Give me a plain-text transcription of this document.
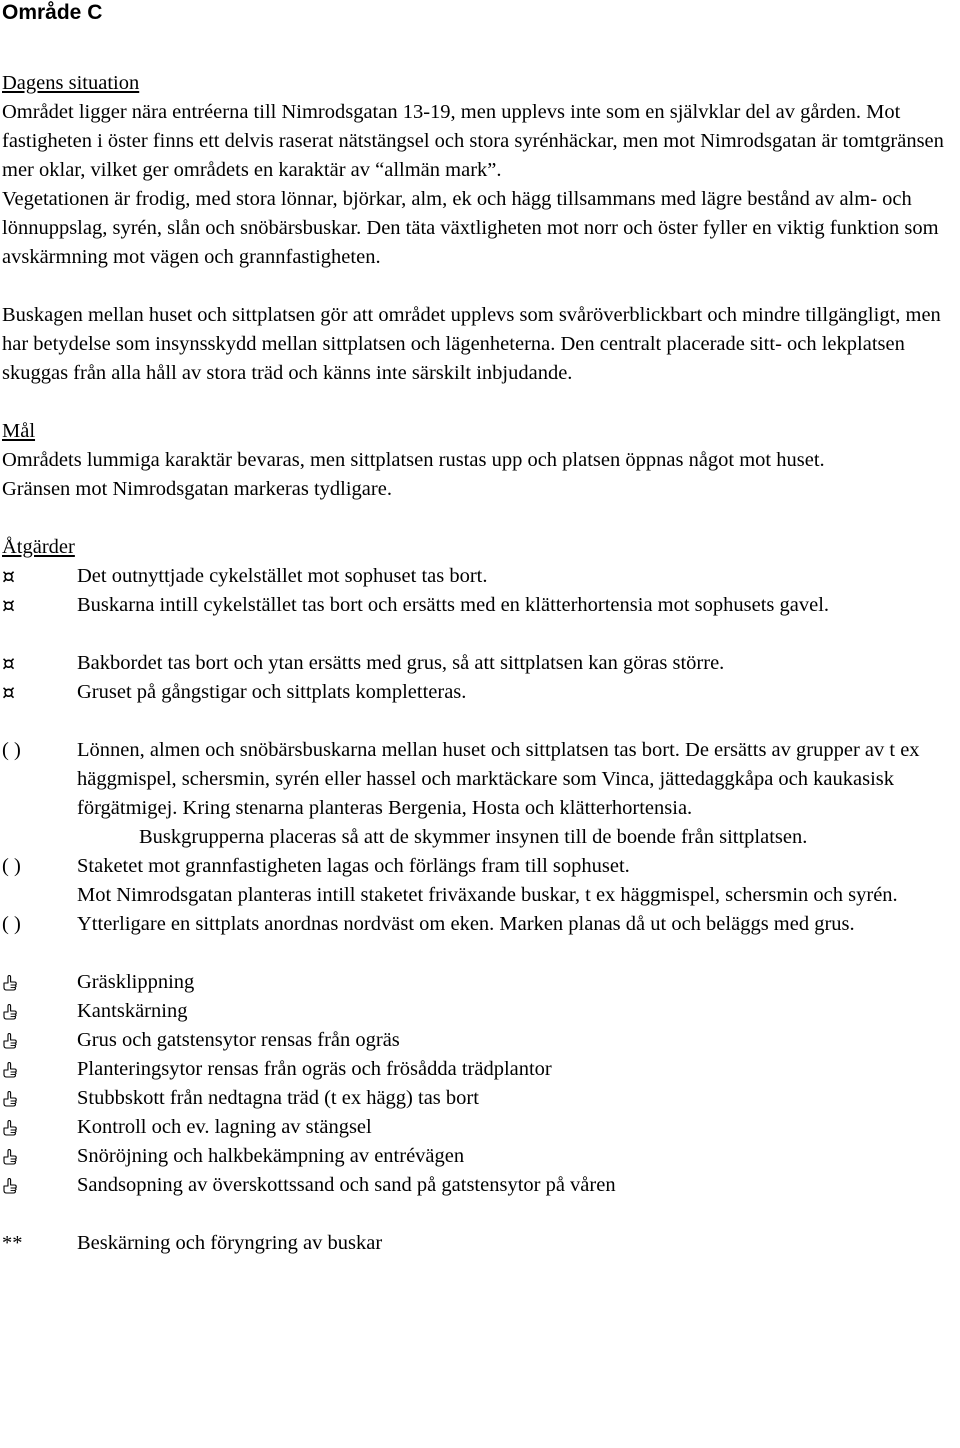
Område C
Dagens situation

Området ligger nära entréerna till Nimrodsgatan 13-19, men upplevs inte som en självklar del av gården. Mot fastigheten i öster finns ett delvis raserat nätstängsel och stora syrénhäckar, men mot Nimrodsgatan är tomtgränsen mer oklar, vilket ger områdets en karaktär av “allmän mark”.

Vegetationen är frodig, med stora lönnar, björkar, alm, ek och hägg tillsammans med lägre bestånd av alm- och lönnuppslag, syrén, slån och snöbärsbuskar. Den täta växtligheten mot norr och öster fyller en viktig funktion som avskärmning mot vägen och grannfastigheten.

Buskagen mellan huset och sittplatsen gör att området upplevs som svåröverblickbart och mindre tillgängligt, men har betydelse som insynsskydd mellan sittplatsen och lägenheterna. Den centralt placerade sitt- och lekplatsen skuggas från alla håll av stora träd och känns inte särskilt inbjudande.

Mål

Områdets lummiga karaktär bevaras, men sittplatsen rustas upp och platsen öppnas något mot huset.

Gränsen mot Nimrodsgatan markeras tydligare.

Åtgärder
¤	Det outnyttjade cykelstället mot sophuset tas bort.

¤	Buskarna intill cykelstället tas bort och ersätts med en klätterhortensia mot sophusets gavel.

¤	Bakbordet tas bort och ytan ersätts med grus, så att sittplatsen kan göras större.

¤	Gruset på gångstigar och sittplats kompletteras.

( )	Lönnen, almen och snöbärsbuskarna mellan huset och sittplatsen tas bort. De ersätts av grupper av t ex häggmispel, schersmin, syrén eller hassel och marktäckare som Vinca, jättedaggkåpa och kaukasisk förgätmigej. Kring stenarna planteras Bergenia, Hosta och klätterhortensia.

Buskgrupperna placeras så att de skymmer insynen till de boende från sittplatsen.

( )	Staketet mot grannfastigheten lagas och förlängs fram till sophuset.

Mot Nimrodsgatan planteras intill staketet friväxande buskar, t ex häggmispel, schersmin och syrén.

( )	Ytterligare en sittplats anordnas nordväst om eken. Marken planas då ut och beläggs med grus.

Gräsklippning

Kantskärning

Grus och gatstensytor rensas från ogräs

Planteringsytor rensas från ogräs och frösådda trädplantor

Stubbskott från nedtagna träd (t ex hägg) tas bort

Kontroll och ev. lagning av stängsel

Snöröjning och halkbekämpning av entrévägen

Sandsopning av överskottssand och sand på gatstensytor på våren

**	Beskärning och föryngring av buskar
